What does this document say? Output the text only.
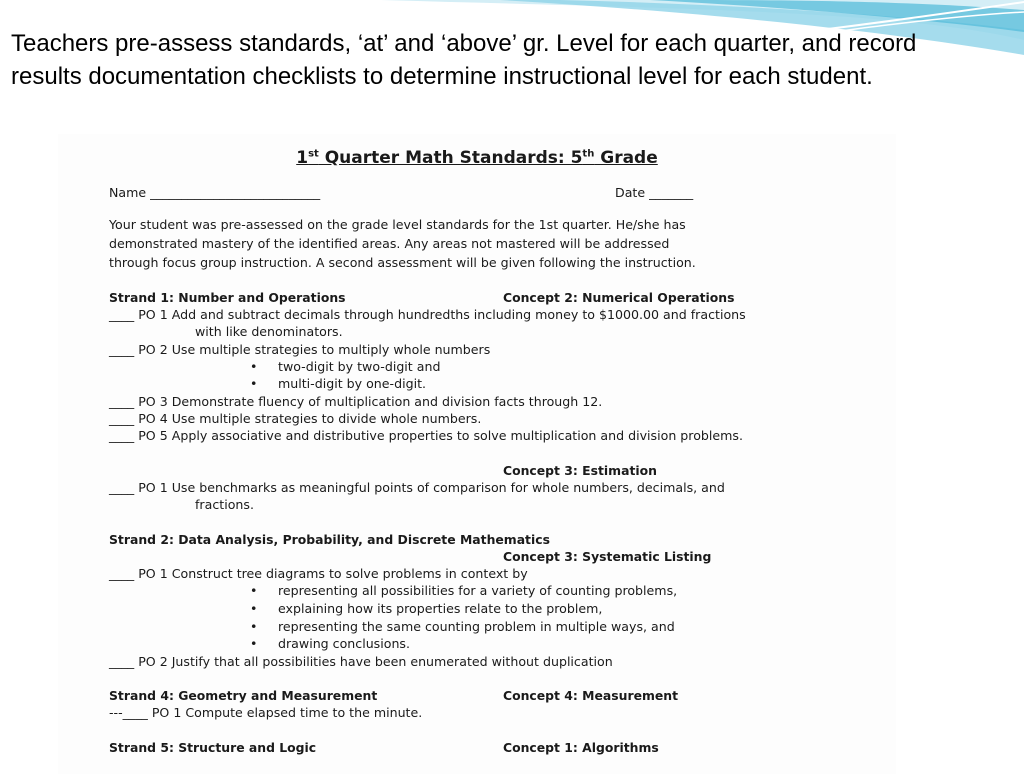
Teachers pre-assess standards, ‘at’ and ‘above’ gr. Level for each quarter, and record results documentation checklists to determine instructional level for each student.

1st Quarter Math Standards: 5th Grade
Name ___________________________	Date _______
Your student was pre-assessed on the grade level standards for the 1st quarter. He/she has
demonstrated mastery of the identified areas. Any areas not mastered will be addressed
through focus group instruction. A second assessment will be given following the instruction.
Strand 1: Number and Operations	Concept 2: Numerical Operations
____ PO 1 Add and subtract decimals through hundredths including money to $1000.00 and fractions
with like denominators.
____ PO 2 Use multiple strategies to multiply whole numbers
• two-digit by two-digit and
• multi-digit by one-digit.
____ PO 3 Demonstrate fluency of multiplication and division facts through 12.
____ PO 4 Use multiple strategies to divide whole numbers.
____ PO 5 Apply associative and distributive properties to solve multiplication and division problems.
Concept 3: Estimation
____ PO 1 Use benchmarks as meaningful points of comparison for whole numbers, decimals, and
fractions.
Strand 2: Data Analysis, Probability, and Discrete Mathematics
Concept 3: Systematic Listing
____ PO 1 Construct tree diagrams to solve problems in context by
• representing all possibilities for a variety of counting problems,
• explaining how its properties relate to the problem,
• representing the same counting problem in multiple ways, and
• drawing conclusions.
____ PO 2 Justify that all possibilities have been enumerated without duplication
Strand 4: Geometry and Measurement	Concept 4: Measurement
---____ PO 1 Compute elapsed time to the minute.
Strand 5: Structure and Logic	Concept 1: Algorithms
